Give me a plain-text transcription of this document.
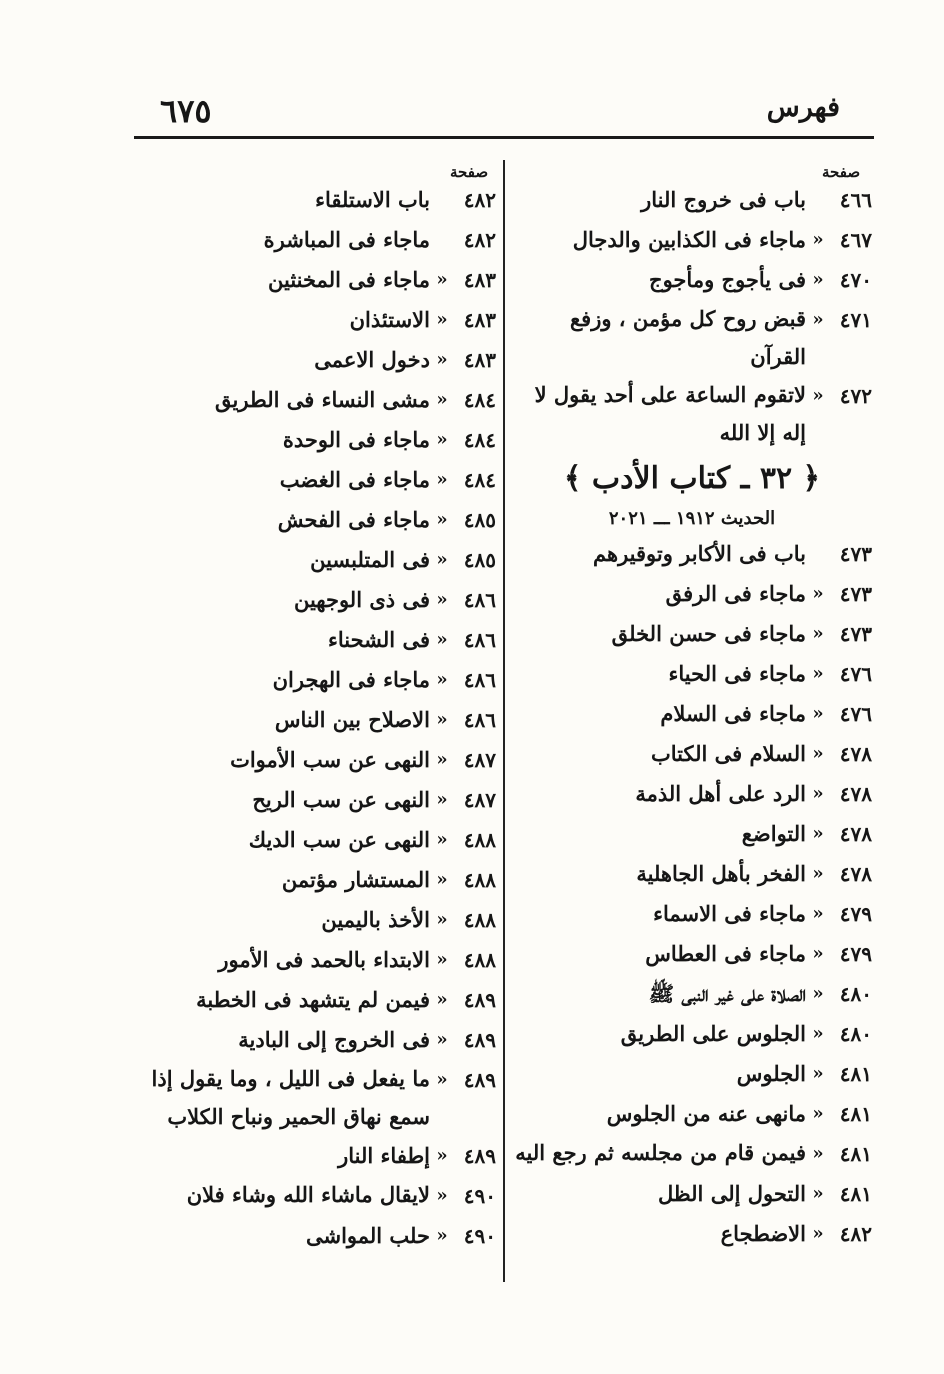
٦٧٥	فهرس
صفحة
صفحة
٤٦٦
باب فى خروج النار
٤٦٧
«
ماجاء فى الكذابين والدجال
٤٧٠
«
فى يأجوج ومأجوج
٤٧١
«
قبض روح كل مؤمن ، وزفع القرآن
٤٧٢
«
لاتقوم الساعة على أحد يقول لا إله إلا الله
﴿ ٣٢ ـ كتاب الأدب ﴾
الحديث ١٩١٢ ـــ ٢٠٢١
٤٧٣
باب فى الأكابر وتوقيرهم
٤٧٣
«
ماجاء فى الرفق
٤٧٣
«
ماجاء فى حسن الخلق
٤٧٦
«
ماجاء فى الحياء
٤٧٦
«
ماجاء فى السلام
٤٧٨
«
السلام فى الكتاب
٤٧٨
«
الرد على أهل الذمة
٤٧٨
«
التواضع
٤٧٨
«
الفخر بأهل الجاهلية
٤٧٩
«
ماجاء فى الاسماء
٤٧٩
«
ماجاء فى العطاس
٤٨٠
«
الصلاة على غير النبى ﷺ
٤٨٠
«
الجلوس على الطريق
٤٨١
«
الجلوس
٤٨١
«
مانهى عنه من الجلوس
٤٨١
«
فيمن قام من مجلسه ثم رجع اليه
٤٨١
«
التحول إلى الظل
٤٨٢
«
الاضطجاع
٤٨٢
باب الاستلقاء
٤٨٢
ماجاء فى المباشرة
٤٨٣
«
ماجاء فى المخنثين
٤٨٣
«
الاستئذان
٤٨٣
«
دخول الاعمى
٤٨٤
«
مشى النساء فى الطريق
٤٨٤
«
ماجاء فى الوحدة
٤٨٤
«
ماجاء فى الغضب
٤٨٥
«
ماجاء فى الفحش
٤٨٥
«
فى المتلبسين
٤٨٦
«
فى ذى الوجهين
٤٨٦
«
فى الشحناء
٤٨٦
«
ماجاء فى الهجران
٤٨٦
«
الاصلاح بين الناس
٤٨٧
«
النهى عن سب الأموات
٤٨٧
«
النهى عن سب الريح
٤٨٨
«
النهى عن سب الديك
٤٨٨
«
المستشار مؤتمن
٤٨٨
«
الأخذ باليمين
٤٨٨
«
الابتداء بالحمد فى الأمور
٤٨٩
«
فيمن لم يتشهد فى الخطبة
٤٨٩
«
فى الخروج إلى البادية
٤٨٩
«
ما يفعل فى الليل ، وما يقول إذا سمع نهاق الحمير ونباح الكلاب
٤٨٩
«
إطفاء النار
٤٩٠
«
لايقال ماشاء الله وشاء فلان
٤٩٠
«
حلب المواشى
